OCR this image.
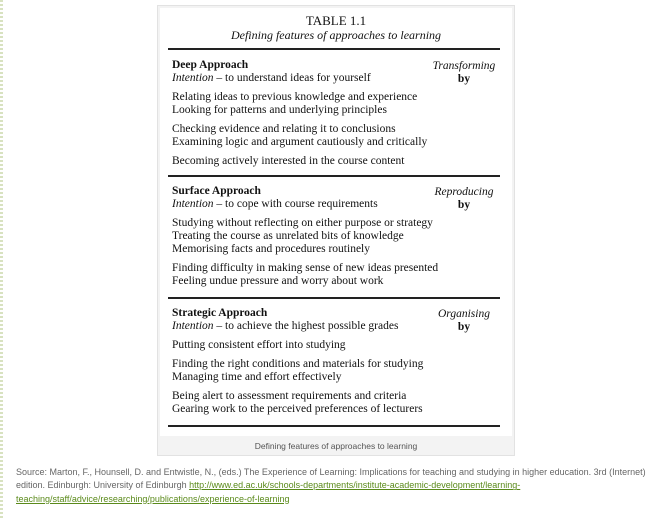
TABLE 1.1
Defining features of approaches to learning
Deep Approach
Intention – to understand ideas for yourself
Transforming
by
Relating ideas to previous knowledge and experience
Looking for patterns and underlying principles
Checking evidence and relating it to conclusions
Examining logic and argument cautiously and critically
Becoming actively interested in the course content
Surface Approach
Intention – to cope with course requirements
Reproducing
by
Studying without reflecting on either purpose or strategy
Treating the course as unrelated bits of knowledge
Memorising facts and procedures routinely
Finding difficulty in making sense of new ideas presented
Feeling undue pressure and worry about work
Strategic Approach
Intention – to achieve the highest possible grades
Organising
by
Putting consistent effort into studying
Finding the right conditions and materials for studying
Managing time and effort effectively
Being alert to assessment requirements and criteria
Gearing work to the perceived preferences of lecturers
Defining features of approaches to learning
Source: Marton, F., Hounsell, D. and Entwistle, N., (eds.) The Experience of Learning: Implications for teaching and studying in higher education. 3rd (Internet) edition. Edinburgh: University of Edinburgh http://www.ed.ac.uk/schools-departments/institute-academic-development/learning-teaching/staff/advice/researching/publications/experience-of-learning
